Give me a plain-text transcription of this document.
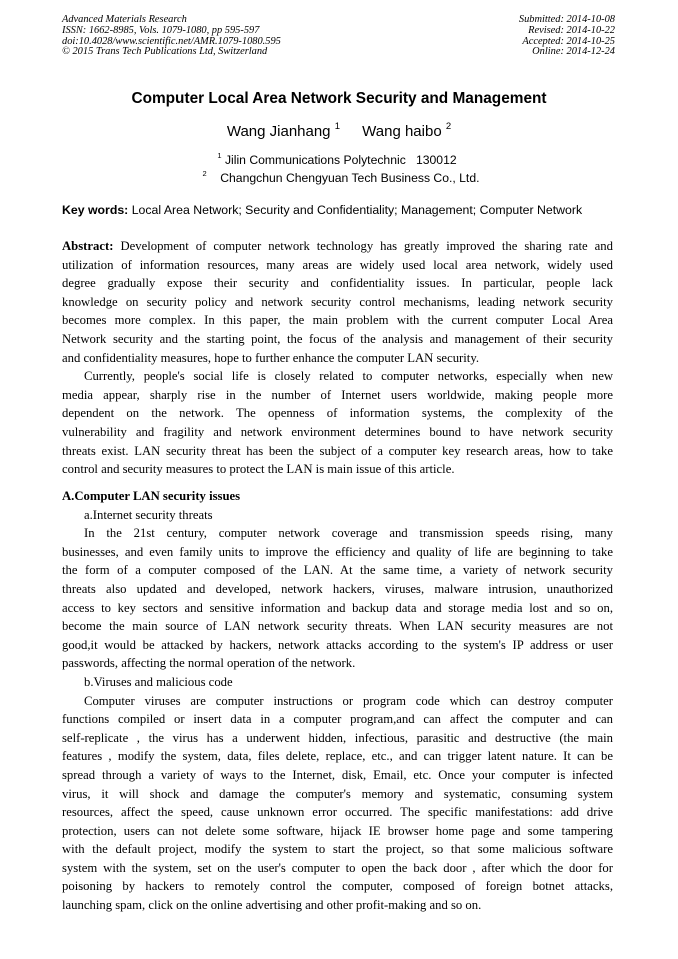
Advanced Materials Research
ISSN: 1662-8985, Vols. 1079-1080, pp 595-597
doi:10.4028/www.scientific.net/AMR.1079-1080.595
© 2015 Trans Tech Publications Ltd, Switzerland
Submitted: 2014-10-08
Revised: 2014-10-22
Accepted: 2014-10-25
Online: 2014-12-24
Computer Local Area Network Security and Management
Wang Jianhang $^1$ Wang haibo $^2$
$^1$ Jilin Communications Polytechnic   130012
$^2$ Changchun Chengyuan Tech Business Co., Ltd.
Key words: Local Area Network; Security and Confidentiality; Management; Computer Network
Abstract: Development of computer network technology has greatly improved the sharing rate and
utilization of information resources, many areas are widely used local area network, widely used
degree gradually expose their security and confidentiality issues. In particular, people lack
knowledge on security policy and network security control mechanisms, leading network security
becomes more complex. In this paper, the main problem with the current computer Local Area
Network security and the starting point, the focus of the analysis and management of their security
and confidentiality measures, hope to further enhance the computer LAN security.
Currently, people's social life is closely related to computer networks, especially when new
media appear, sharply rise in the number of Internet users worldwide, making people more
dependent on the network. The openness of information systems, the complexity of the
vulnerability and fragility and network environment determines bound to have network security
threats exist. LAN security threat has been the subject of a computer key research areas, how to take
control and security measures to protect the LAN is main issue of this article.
A.Computer LAN security issues
a.Internet security threats
In the 21st century, computer network coverage and transmission speeds rising, many
businesses, and even family units to improve the efficiency and quality of life are beginning to take
the form of a computer composed of the LAN. At the same time, a variety of network security
threats also updated and developed, network hackers, viruses, malware intrusion, unauthorized
access to key sectors and sensitive information and backup data and storage media lost and so on,
become the main source of LAN network security threats. When LAN security measures are not
good,it would be attacked by hackers, network attacks according to the system's IP address or user
passwords, affecting the normal operation of the network.
b.Viruses and malicious code
Computer viruses are computer instructions or program code which can destroy computer
functions compiled or insert data in a computer program,and can affect the computer and can
self-replicate , the virus has a underwent hidden, infectious, parasitic and destructive (the main
features , modify the system, data, files delete, replace, etc., and can trigger latent nature. It can be
spread through a variety of ways to the Internet, disk, Email, etc. Once your computer is infected
virus, it will shock and damage the computer's memory and systematic, consuming system
resources, affect the speed, cause unknown error occurred. The specific manifestations: add drive
protection, users can not delete some software, hijack IE browser home page and some tampering
with the default project, modify the system to start the project, so that some malicious software
system with the system, set on the user's computer to open the back door , after which the door for
poisoning by hackers to remotely control the computer, composed of foreign botnet attacks,
launching spam, click on the online advertising and other profit-making and so on.
